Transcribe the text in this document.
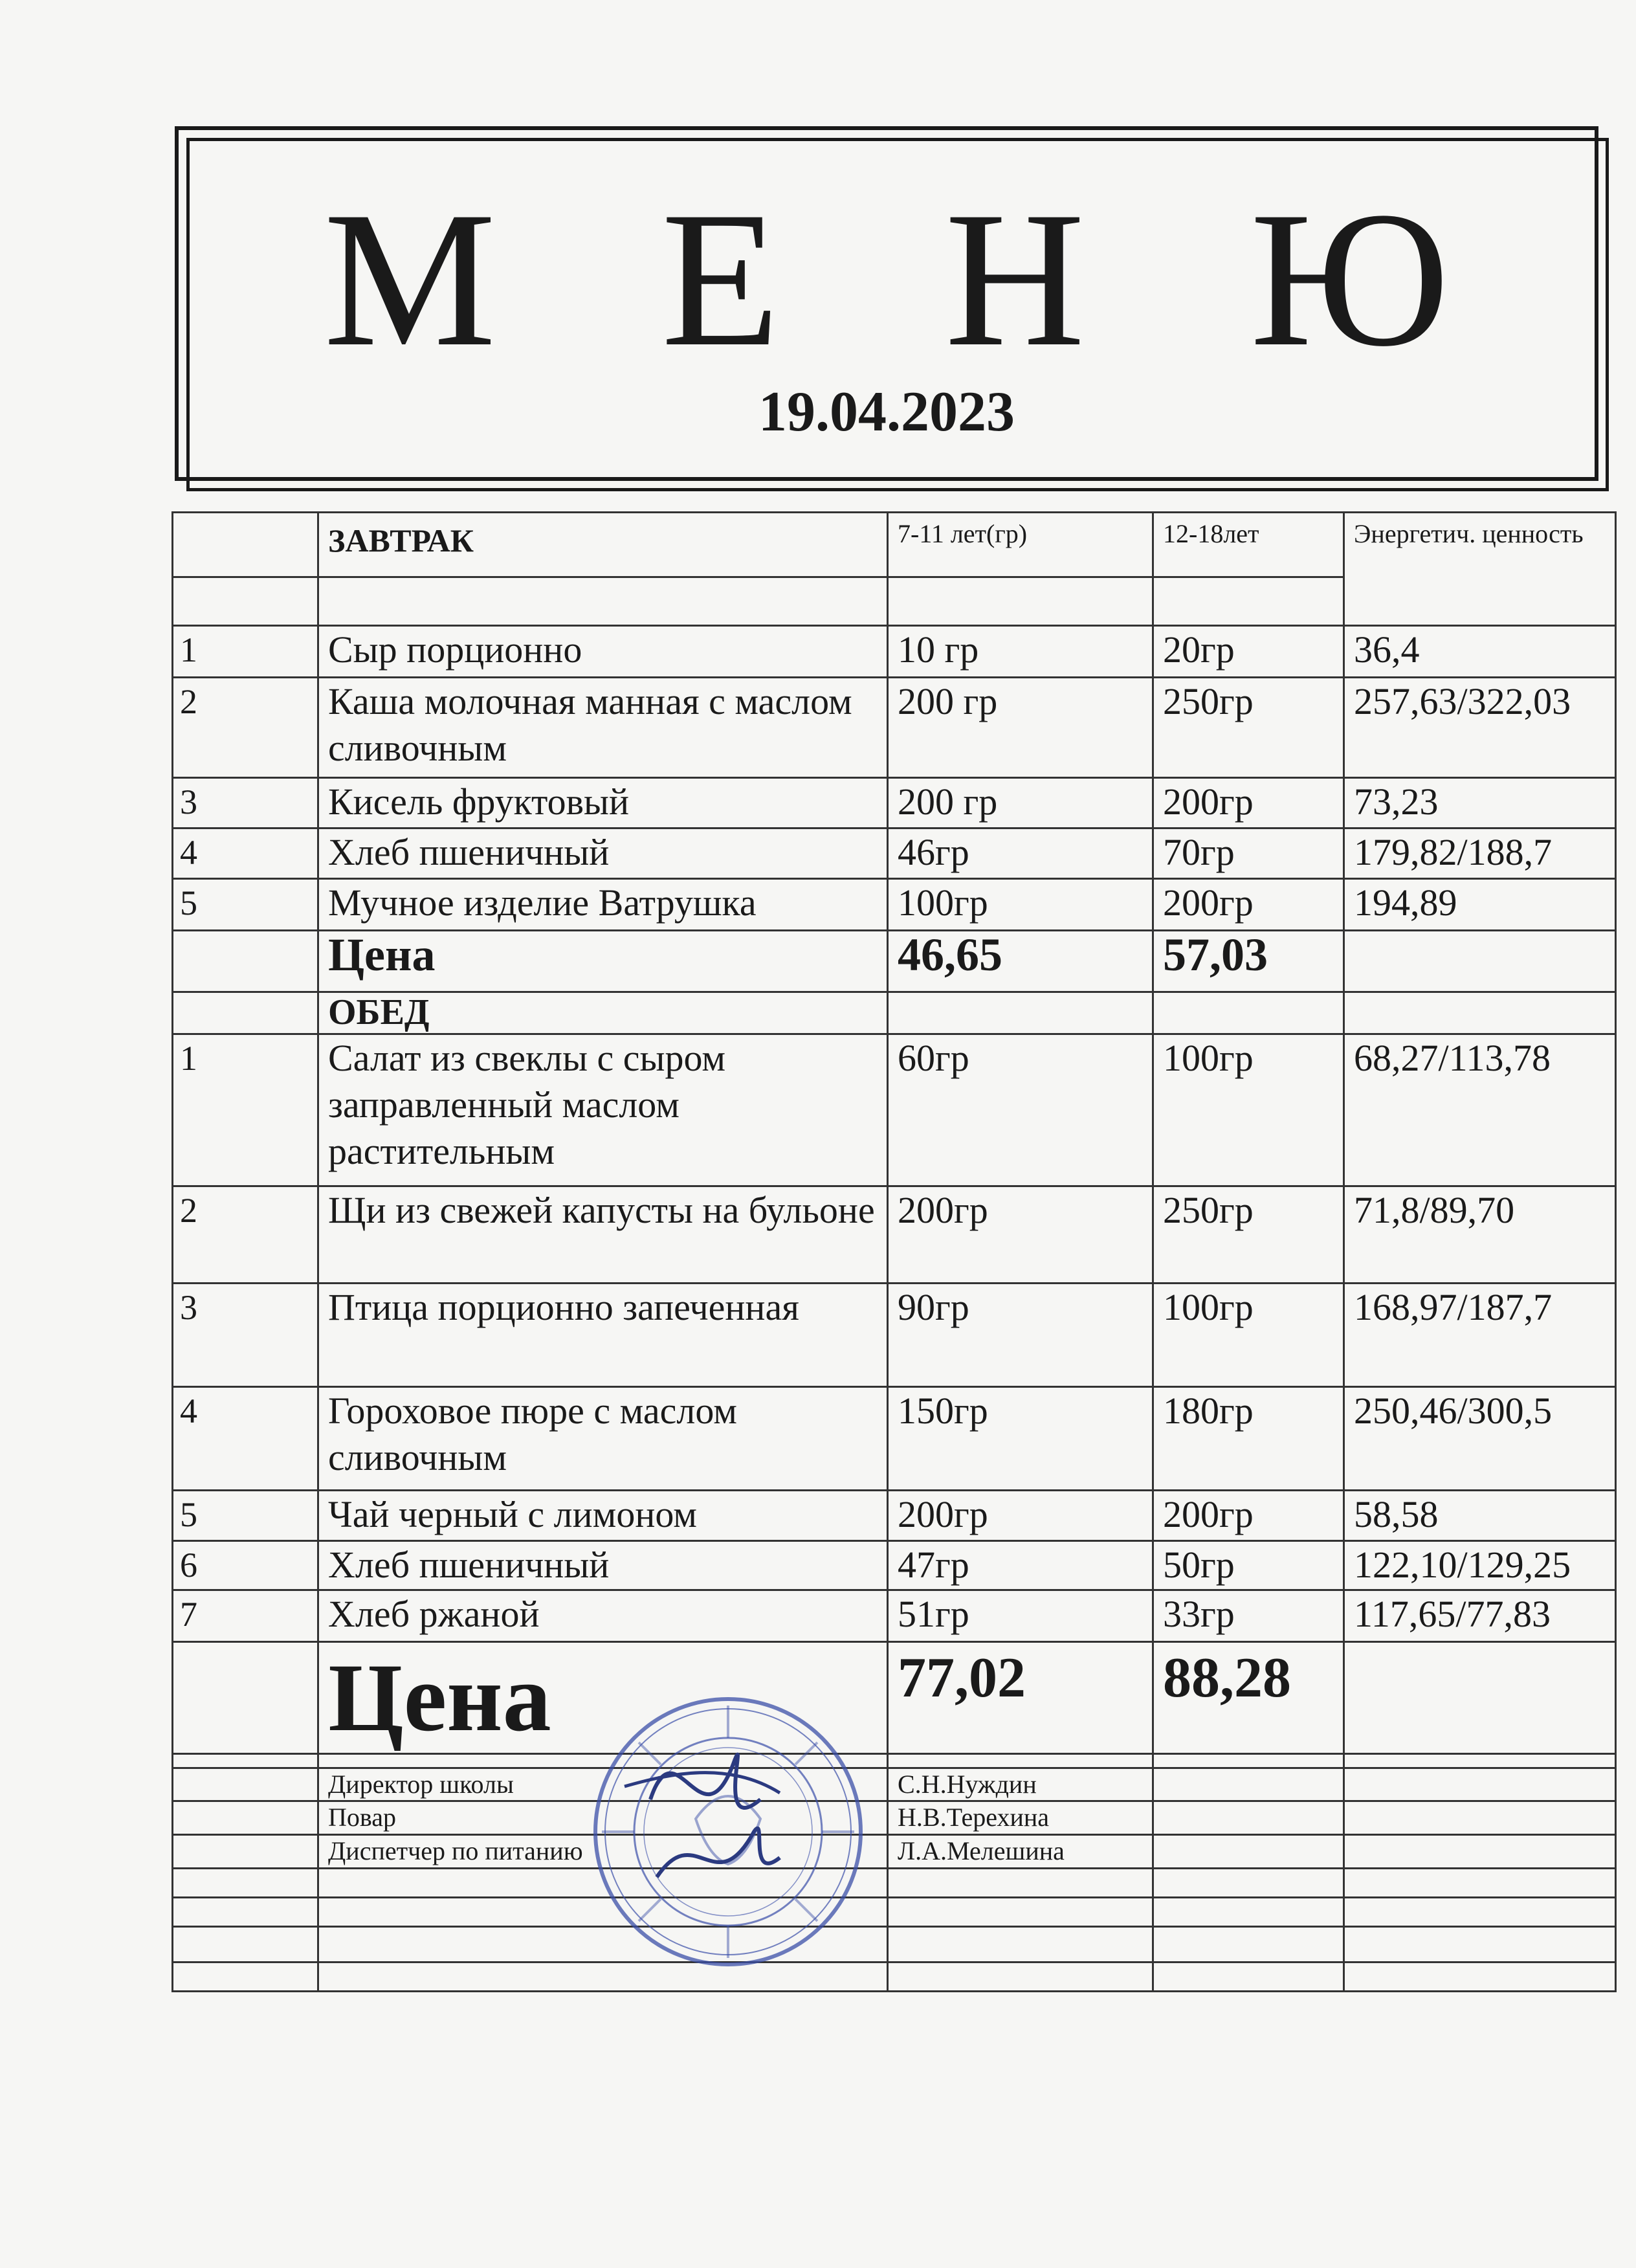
М Е Н Ю
19.04.2023
	ЗАВТРАК	7-11 лет(гр)	12-18лет	Энергетич. ценность

1	Сыр порционно	10 гр	20гр	36,4
2	Каша молочная манная с маслом сливочным	200 гр	250гр	257,63/322,03
3	Кисель фруктовый	200 гр	200гр	73,23
4	Хлеб пшеничный	46гр	70гр	179,82/188,7
5	Мучное изделие Ватрушка	100гр	200гр	194,89
	Цена	46,65	57,03	
	ОБЕД			
1	Салат из свеклы с сыром заправленный маслом растительным	60гр	100гр	68,27/113,78
2	Щи из свежей капусты на бульоне	200гр	250гр	71,8/89,70
3	Птица порционно запеченная	90гр	100гр	168,97/187,7
4	Гороховое пюре с маслом сливочным	150гр	180гр	250,46/300,5
5	Чай черный с лимоном	200гр	200гр	58,58
6	Хлеб пшеничный	47гр	50гр	122,10/129,25
7	Хлеб ржаной	51гр	33гр	117,65/77,83
	Цена	77,02	88,28	

	Директор школы	С.Н.Нуждин		
	Повар	Н.В.Терехина		
	Диспетчер по питанию	Л.А.Мелешина		
